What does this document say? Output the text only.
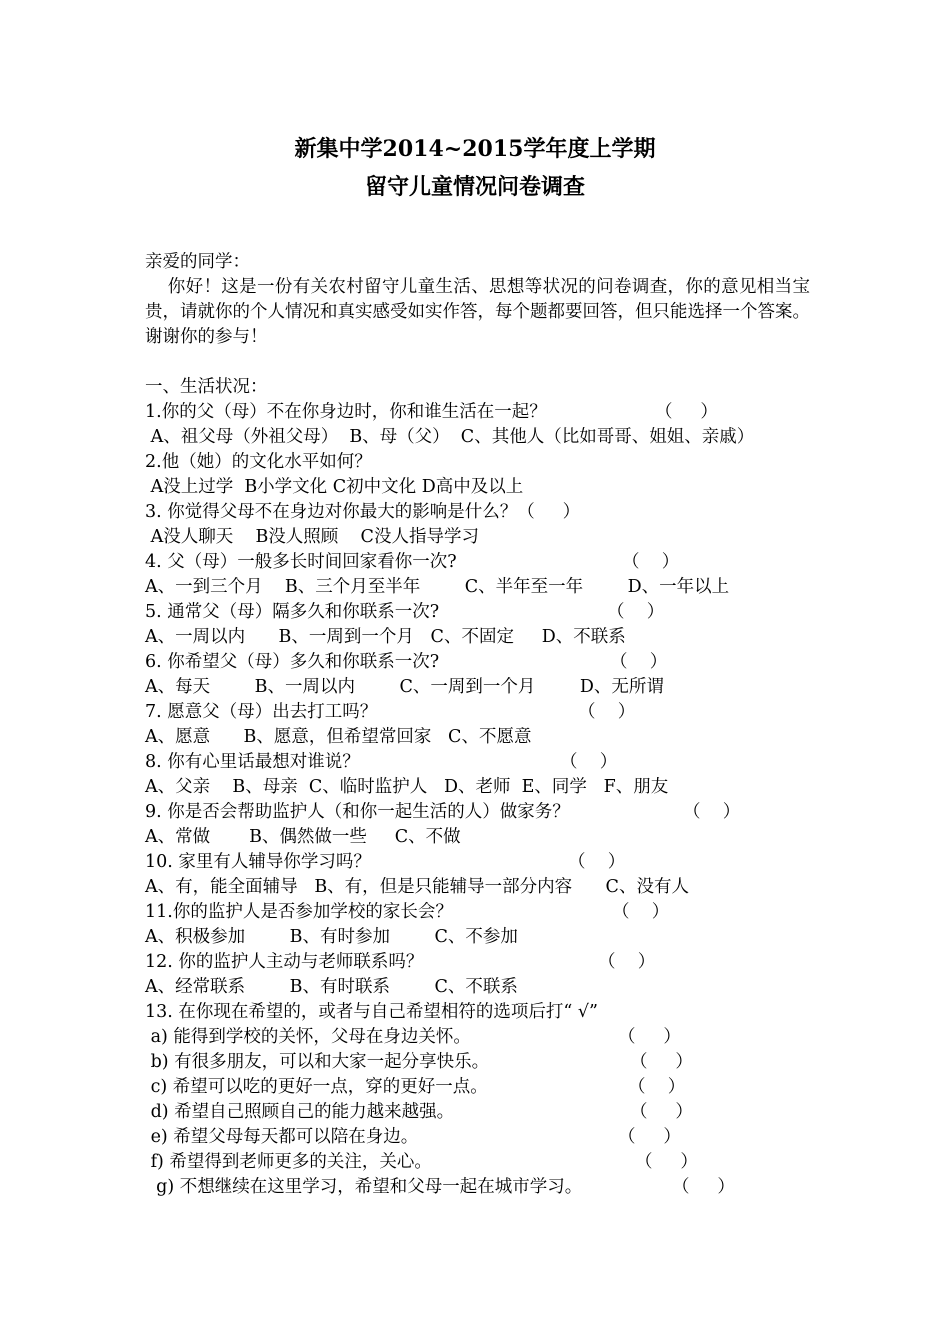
新集中学2014~2015学年度上学期
留守儿童情况问卷调查
亲爱的同学：
你好！这是一份有关农村留守儿童生活、思想等状况的问卷调查，你的意见相当宝贵，请就你的个人情况和真实感受如实作答，每个题都要回答，但只能选择一个答案。谢谢你的参与！
一、生活状况：
1.你的父（母）不在你身边时，你和谁生活在一起？	（     ）
A、祖父母（外祖父母）  B、母（父）  C、其他人（比如哥哥、姐姐、亲戚）
2.他（她）的文化水平如何？
A没上过学  B小学文化 C初中文化 D高中及以上
3. 你觉得父母不在身边对你最大的影响是什么？（     ）
A没人聊天    B没人照顾    C没人指导学习
4. 父（母）一般多长时间回家看你一次?	（    ）
A、一到三个月    B、三个月至半年        C、半年至一年        D、一年以上
5. 通常父（母）隔多久和你联系一次?	（    ）
A、一周以内      B、一周到一个月   C、不固定     D、不联系
6. 你希望父（母）多久和你联系一次?	（    ）
A、每天        B、一周以内        C、一周到一个月        D、无所谓
7. 愿意父（母）出去打工吗？	（    ）
A、愿意      B、愿意，但希望常回家   C、不愿意
8. 你有心里话最想对谁说？	（    ）
A、父亲    B、母亲  C、临时监护人   D、老师  E、同学   F、朋友
9. 你是否会帮助监护人（和你一起生活的人）做家务？	（    ）
A、常做       B、偶然做一些     C、不做
10. 家里有人辅导你学习吗？	（    ）
A、有，能全面辅导   B、有，但是只能辅导一部分内容      C、没有人
11.你的监护人是否参加学校的家长会？	（    ）
A、积极参加        B、有时参加        C、不参加
12. 你的监护人主动与老师联系吗？	（    ）
A、经常联系        B、有时联系        C、不联系
13. 在你现在希望的，或者与自己希望相符的选项后打“ √”
a) 能得到学校的关怀，父母在身边关怀。	（     ）
b) 有很多朋友，可以和大家一起分享快乐。	（     ）
c) 希望可以吃的更好一点，穿的更好一点。	（    ）
d) 希望自己照顾自己的能力越来越强。	（     ）
e) 希望父母每天都可以陪在身边。	（     ）
f) 希望得到老师更多的关注，关心。	（     ）
g) 不想继续在这里学习，希望和父母一起在城市学习。	（     ）
